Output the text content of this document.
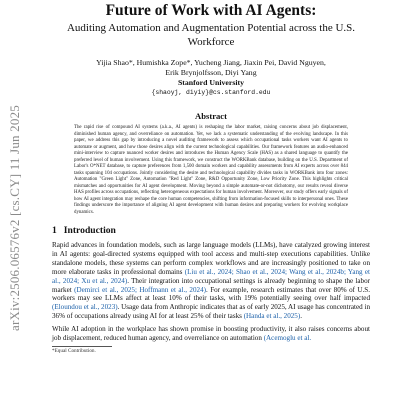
arXiv:2506.06576v2 [cs.CY] 11 Jun 2025
Future of Work with AI Agents:
Auditing Automation and Augmentation Potential across the U.S. Workforce
Yijia Shao*, Humishka Zope*, Yucheng Jiang, Jiaxin Pei, David Nguyen,
Erik Brynjolfsson, Diyi Yang
Stanford University
{shaoyj, diyiy}@cs.stanford.edu
Abstract
The rapid rise of compound AI systems (a.k.a., AI agents) is reshaping the labor market, raising concerns about job displacement, diminished human agency, and overreliance on automation. Yet, we lack a systematic understanding of the evolving landscape. In this paper, we address this gap by introducing a novel auditing framework to assess which occupational tasks workers want AI agents to automate or augment, and how those desires align with the current technological capabilities. Our framework features an audio-enhanced mini-interview to capture nuanced worker desires and introduces the Human Agency Scale (HAS) as a shared language to quantify the preferred level of human involvement. Using this framework, we construct the WORKBank database, building on the U.S. Department of Labor's O*NET database, to capture preferences from 1,500 domain workers and capability assessments from AI experts across over 844 tasks spanning 104 occupations. Jointly considering the desire and technological capability divides tasks in WORKBank into four zones: Automation "Green Light" Zone, Automation "Red Light" Zone, R&D Opportunity Zone, Low Priority Zone. This highlights critical mismatches and opportunities for AI agent development. Moving beyond a simple automate-or-not dichotomy, our results reveal diverse HAS profiles across occupations, reflecting heterogeneous expectations for human involvement. Moreover, our study offers early signals of how AI agent integration may reshape the core human competencies, shifting from information-focused skills to interpersonal ones. These findings underscore the importance of aligning AI agent development with human desires and preparing workers for evolving workplace dynamics.
1 Introduction
Rapid advances in foundation models, such as large language models (LLMs), have catalyzed growing interest in AI agents: goal-directed systems equipped with tool access and multi-step executions capabilities. Unlike standalone models, these systems can perform complex workflows and are increasingly positioned to take on more elaborate tasks in professional domains (Liu et al., 2024; Shao et al., 2024; Wang et al., 2024b; Yang et al., 2024; Xu et al., 2024). Their integration into occupational settings is already beginning to shape the labor market (Demirci et al., 2025; Hoffmann et al., 2024). For example, research estimates that over 80% of U.S. workers may see LLMs affect at least 10% of their tasks, with 19% potentially seeing over half impacted (Eloundou et al., 2023). Usage data from Anthropic indicates that as of early 2025, AI usage has concentrated in 36% of occupations already using AI for at least 25% of their tasks (Handa et al., 2025).
While AI adoption in the workplace has shown promise in boosting productivity, it also raises concerns about job displacement, reduced human agency, and overreliance on automation (Acemoglu et al.
*Equal Contribution.
